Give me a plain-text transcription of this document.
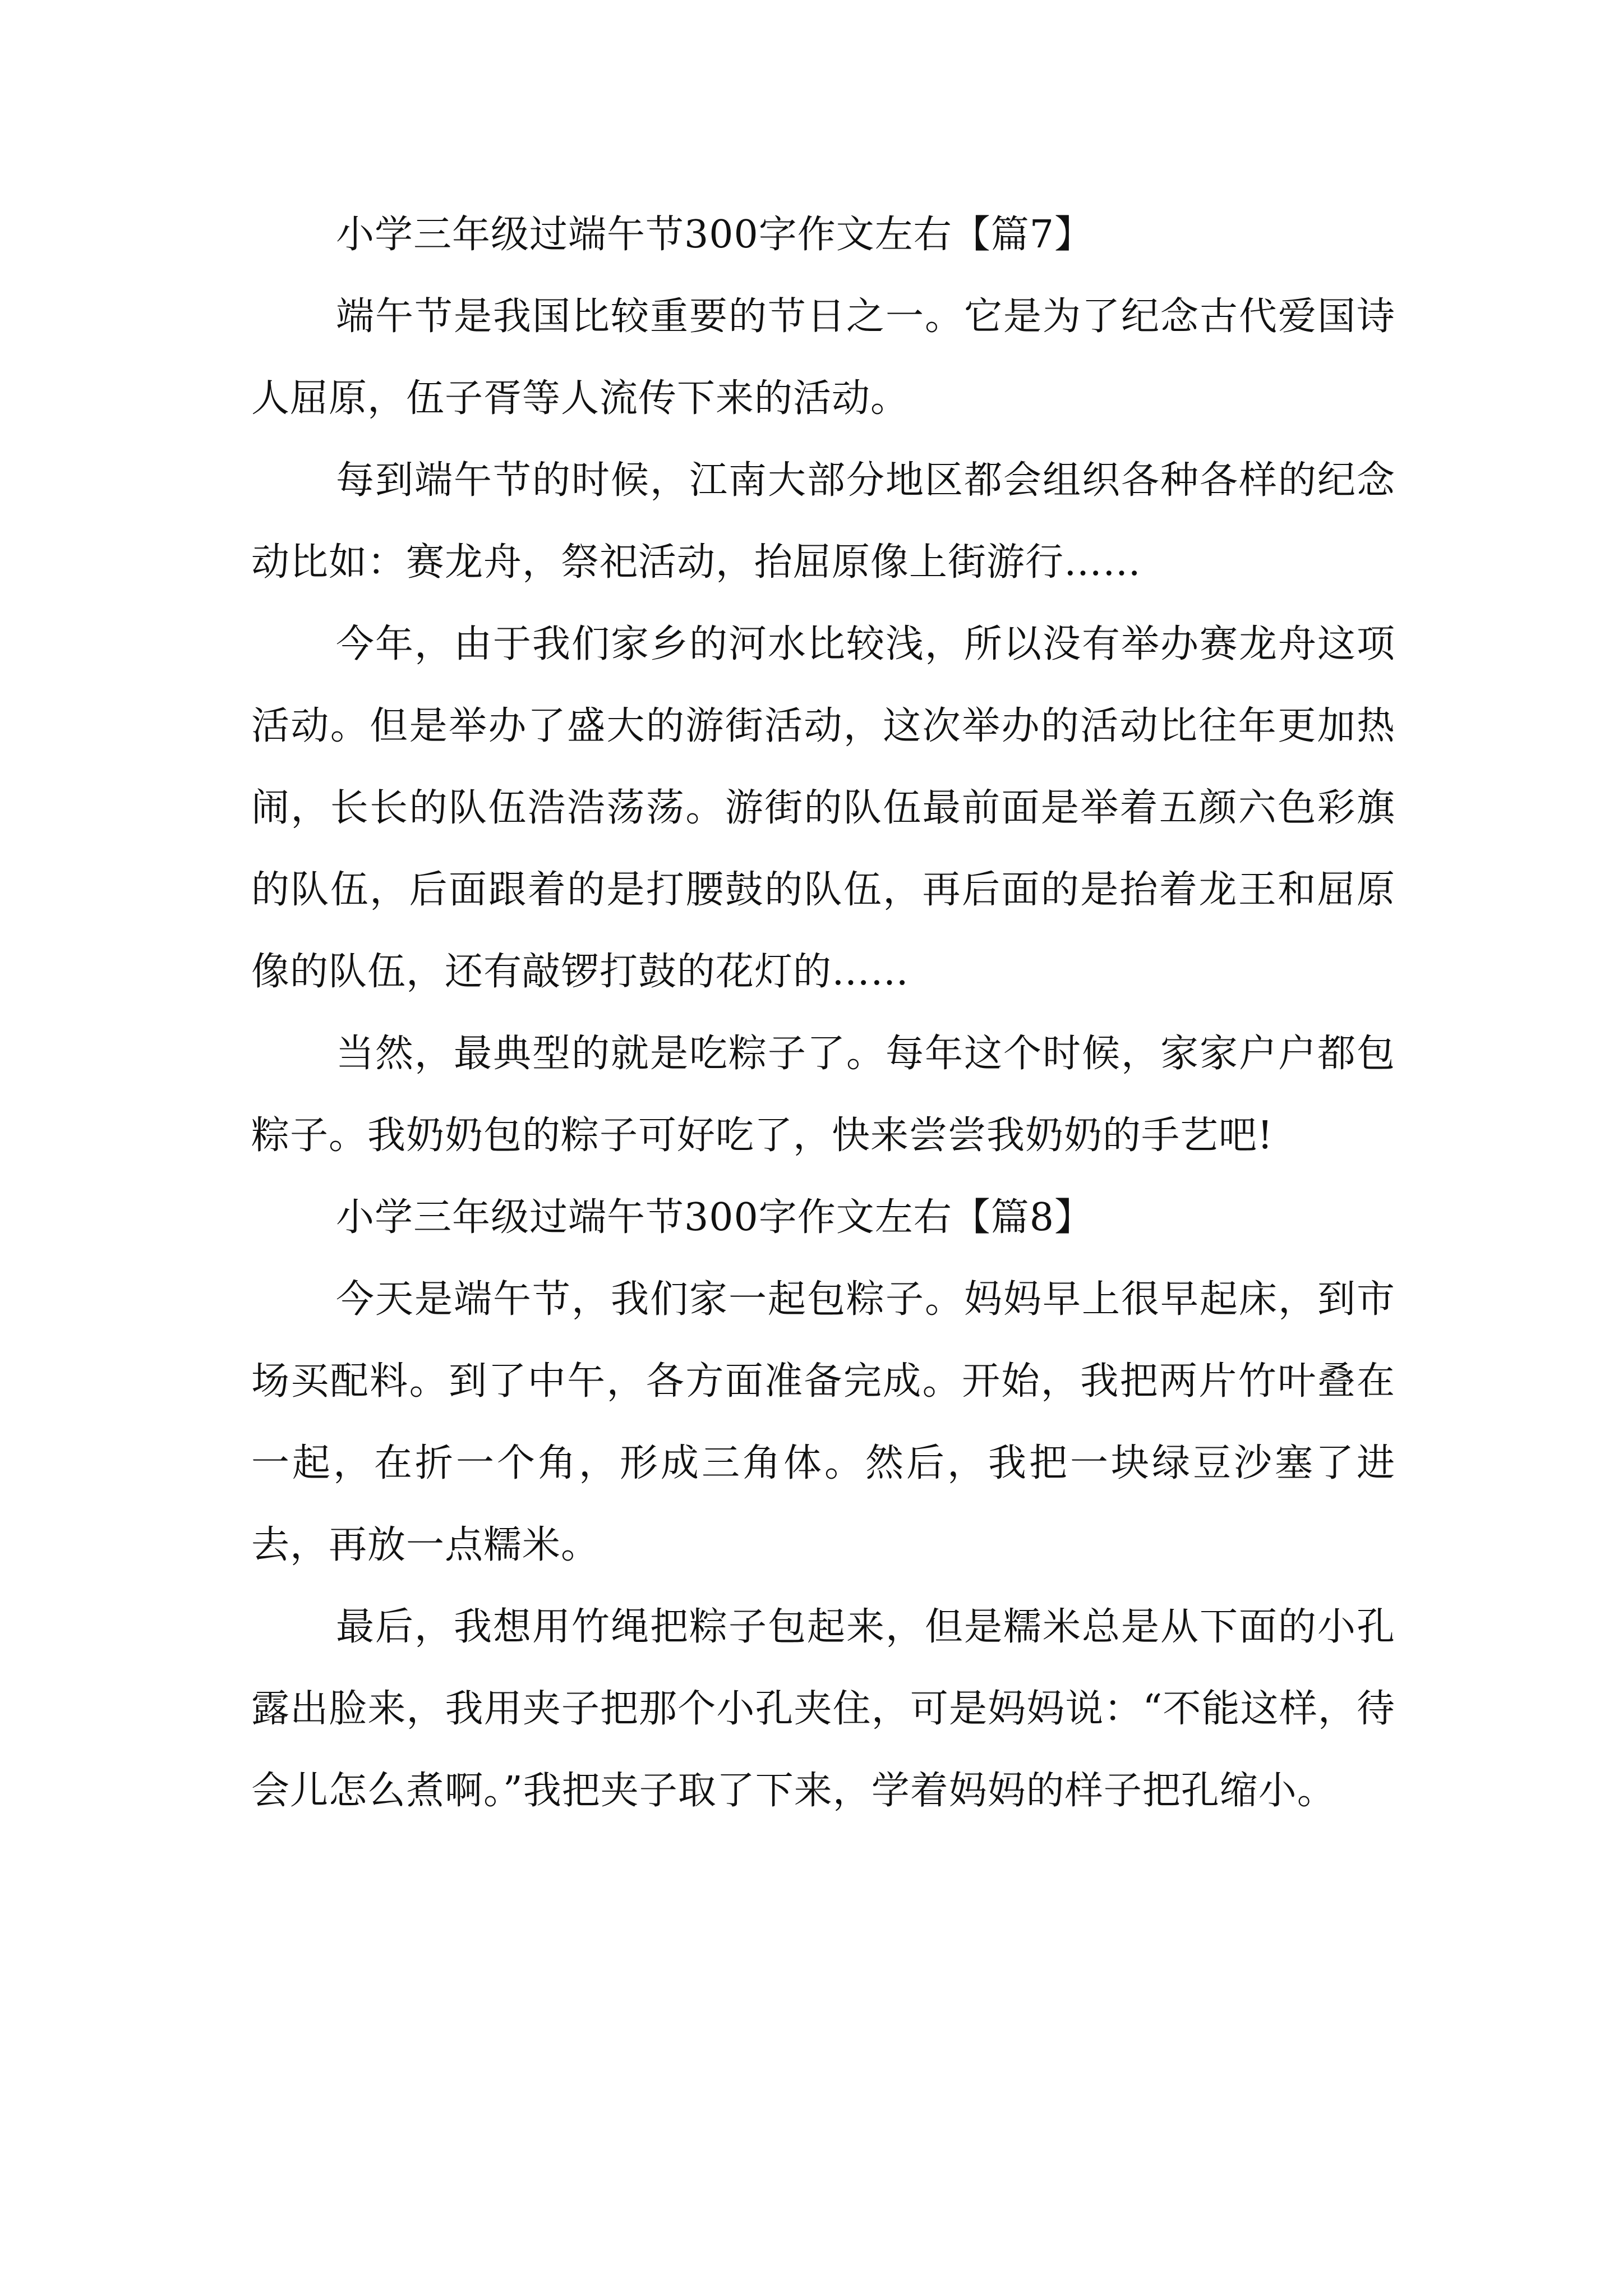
小学三年级过端午节300字作文左右【篇7】

端午节是我国比较重要的节日之一。它是为了纪念古代爱国诗人屈原，伍子胥等人流传下来的活动。

每到端午节的时候，江南大部分地区都会组织各种各样的纪念动比如：赛龙舟，祭祀活动，抬屈原像上街游行……

今年，由于我们家乡的河水比较浅，所以没有举办赛龙舟这项活动。但是举办了盛大的游街活动，这次举办的活动比往年更加热闹，长长的队伍浩浩荡荡。游街的队伍最前面是举着五颜六色彩旗的队伍，后面跟着的是打腰鼓的队伍，再后面的是抬着龙王和屈原像的队伍，还有敲锣打鼓的花灯的……

当然，最典型的就是吃粽子了。每年这个时候，家家户户都包粽子。我奶奶包的粽子可好吃了，快来尝尝我奶奶的手艺吧!

小学三年级过端午节300字作文左右【篇8】

今天是端午节，我们家一起包粽子。妈妈早上很早起床，到市场买配料。到了中午，各方面准备完成。开始，我把两片竹叶叠在一起，在折一个角，形成三角体。然后，我把一块绿豆沙塞了进去，再放一点糯米。

最后，我想用竹绳把粽子包起来，但是糯米总是从下面的小孔露出脸来，我用夹子把那个小孔夹住，可是妈妈说：“不能这样，待会儿怎么煮啊。”我把夹子取了下来，学着妈妈的样子把孔缩小。
